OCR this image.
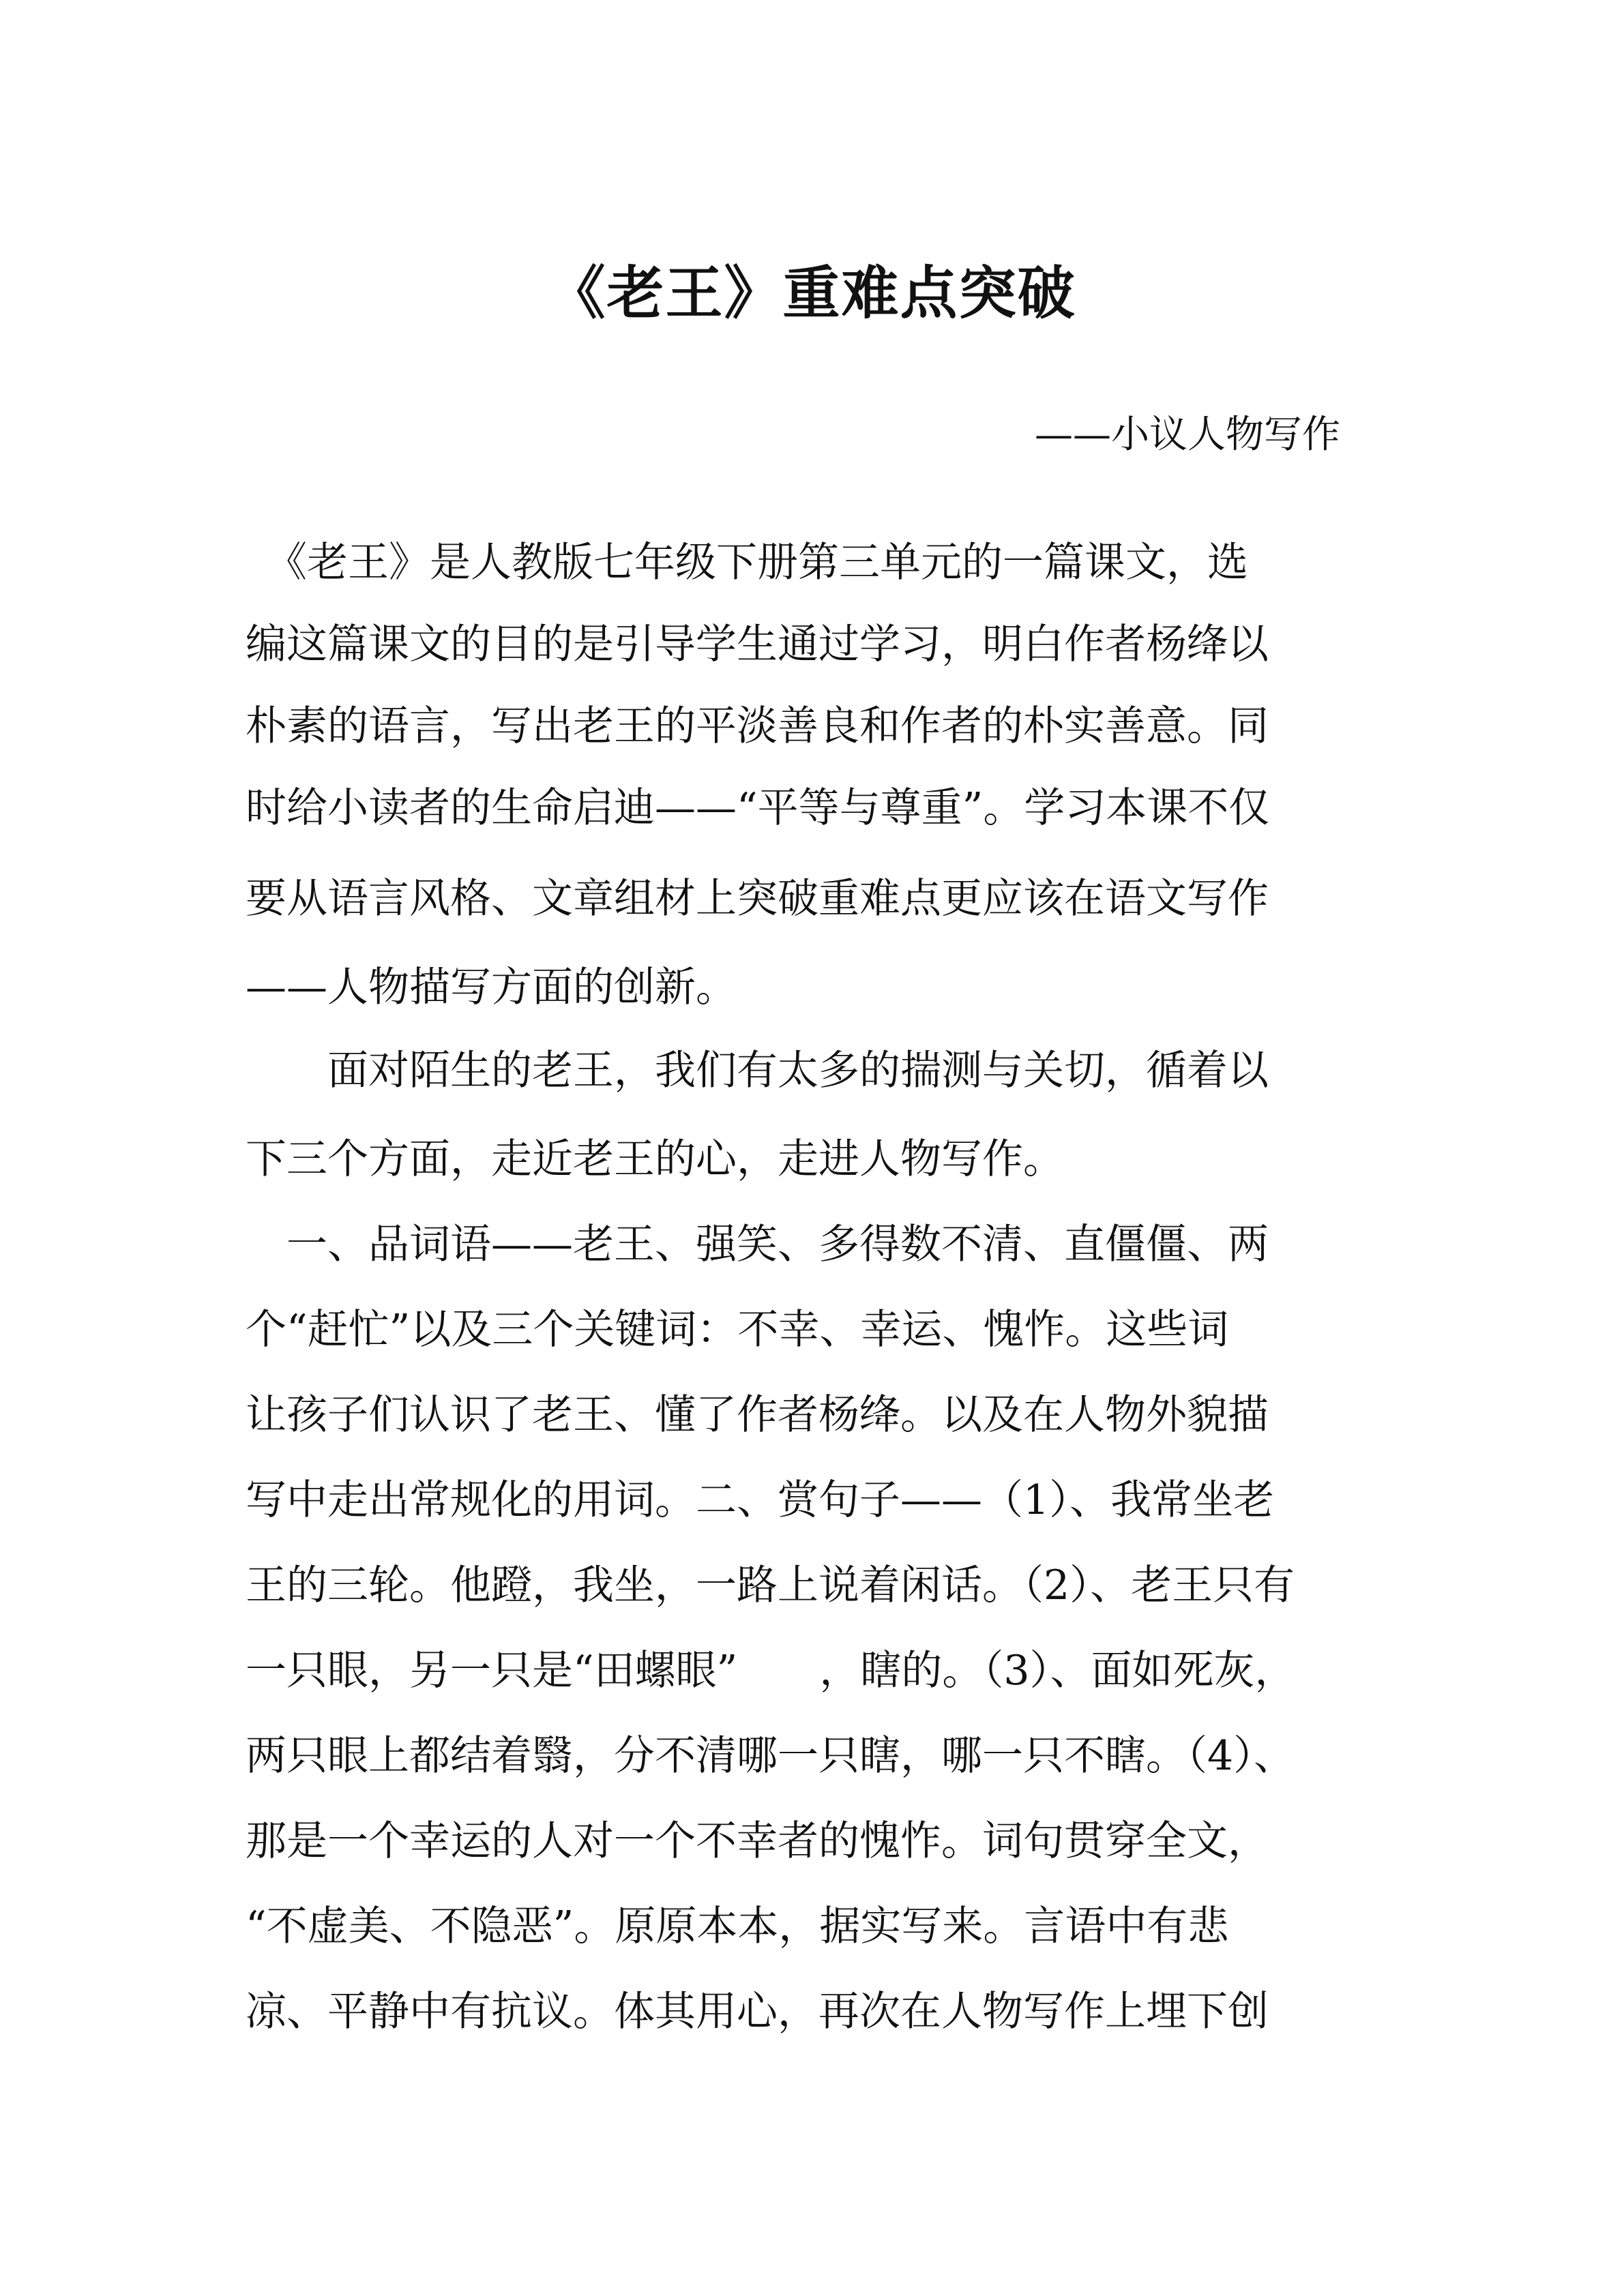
《老王》重难点突破
——小议人物写作
　《老王》是人教版七年级下册第三单元的一篇课文，选
编这篇课文的目的是引导学生通过学习，明白作者杨绛以
朴素的语言，写出老王的平淡善良和作者的朴实善意。同
时给小读者的生命启迪——“平等与尊重”。学习本课不仅
要从语言风格、文章组材上突破重难点更应该在语文写作
——人物描写方面的创新。
　　面对陌生的老王，我们有太多的揣测与关切，循着以
下三个方面，走近老王的心，走进人物写作。
　一、品词语——老王、强笑、多得数不清、直僵僵、两
个“赶忙”以及三个关键词：不幸、幸运、愧怍。这些词
让孩子们认识了老王、懂了作者杨绛。以及在人物外貌描
写中走出常规化的用词。二、赏句子——（1）、我常坐老
王的三轮。他蹬，我坐，一路上说着闲话。（2）、老王只有
一只眼，另一只是“田螺眼”　　，瞎的。（3）、面如死灰，
两只眼上都结着翳，分不清哪一只瞎，哪一只不瞎。（4）、
那是一个幸运的人对一个不幸者的愧怍。词句贯穿全文，
“不虚美、不隐恶”。原原本本，据实写来。言语中有悲
凉、平静中有抗议。体其用心，再次在人物写作上埋下创
